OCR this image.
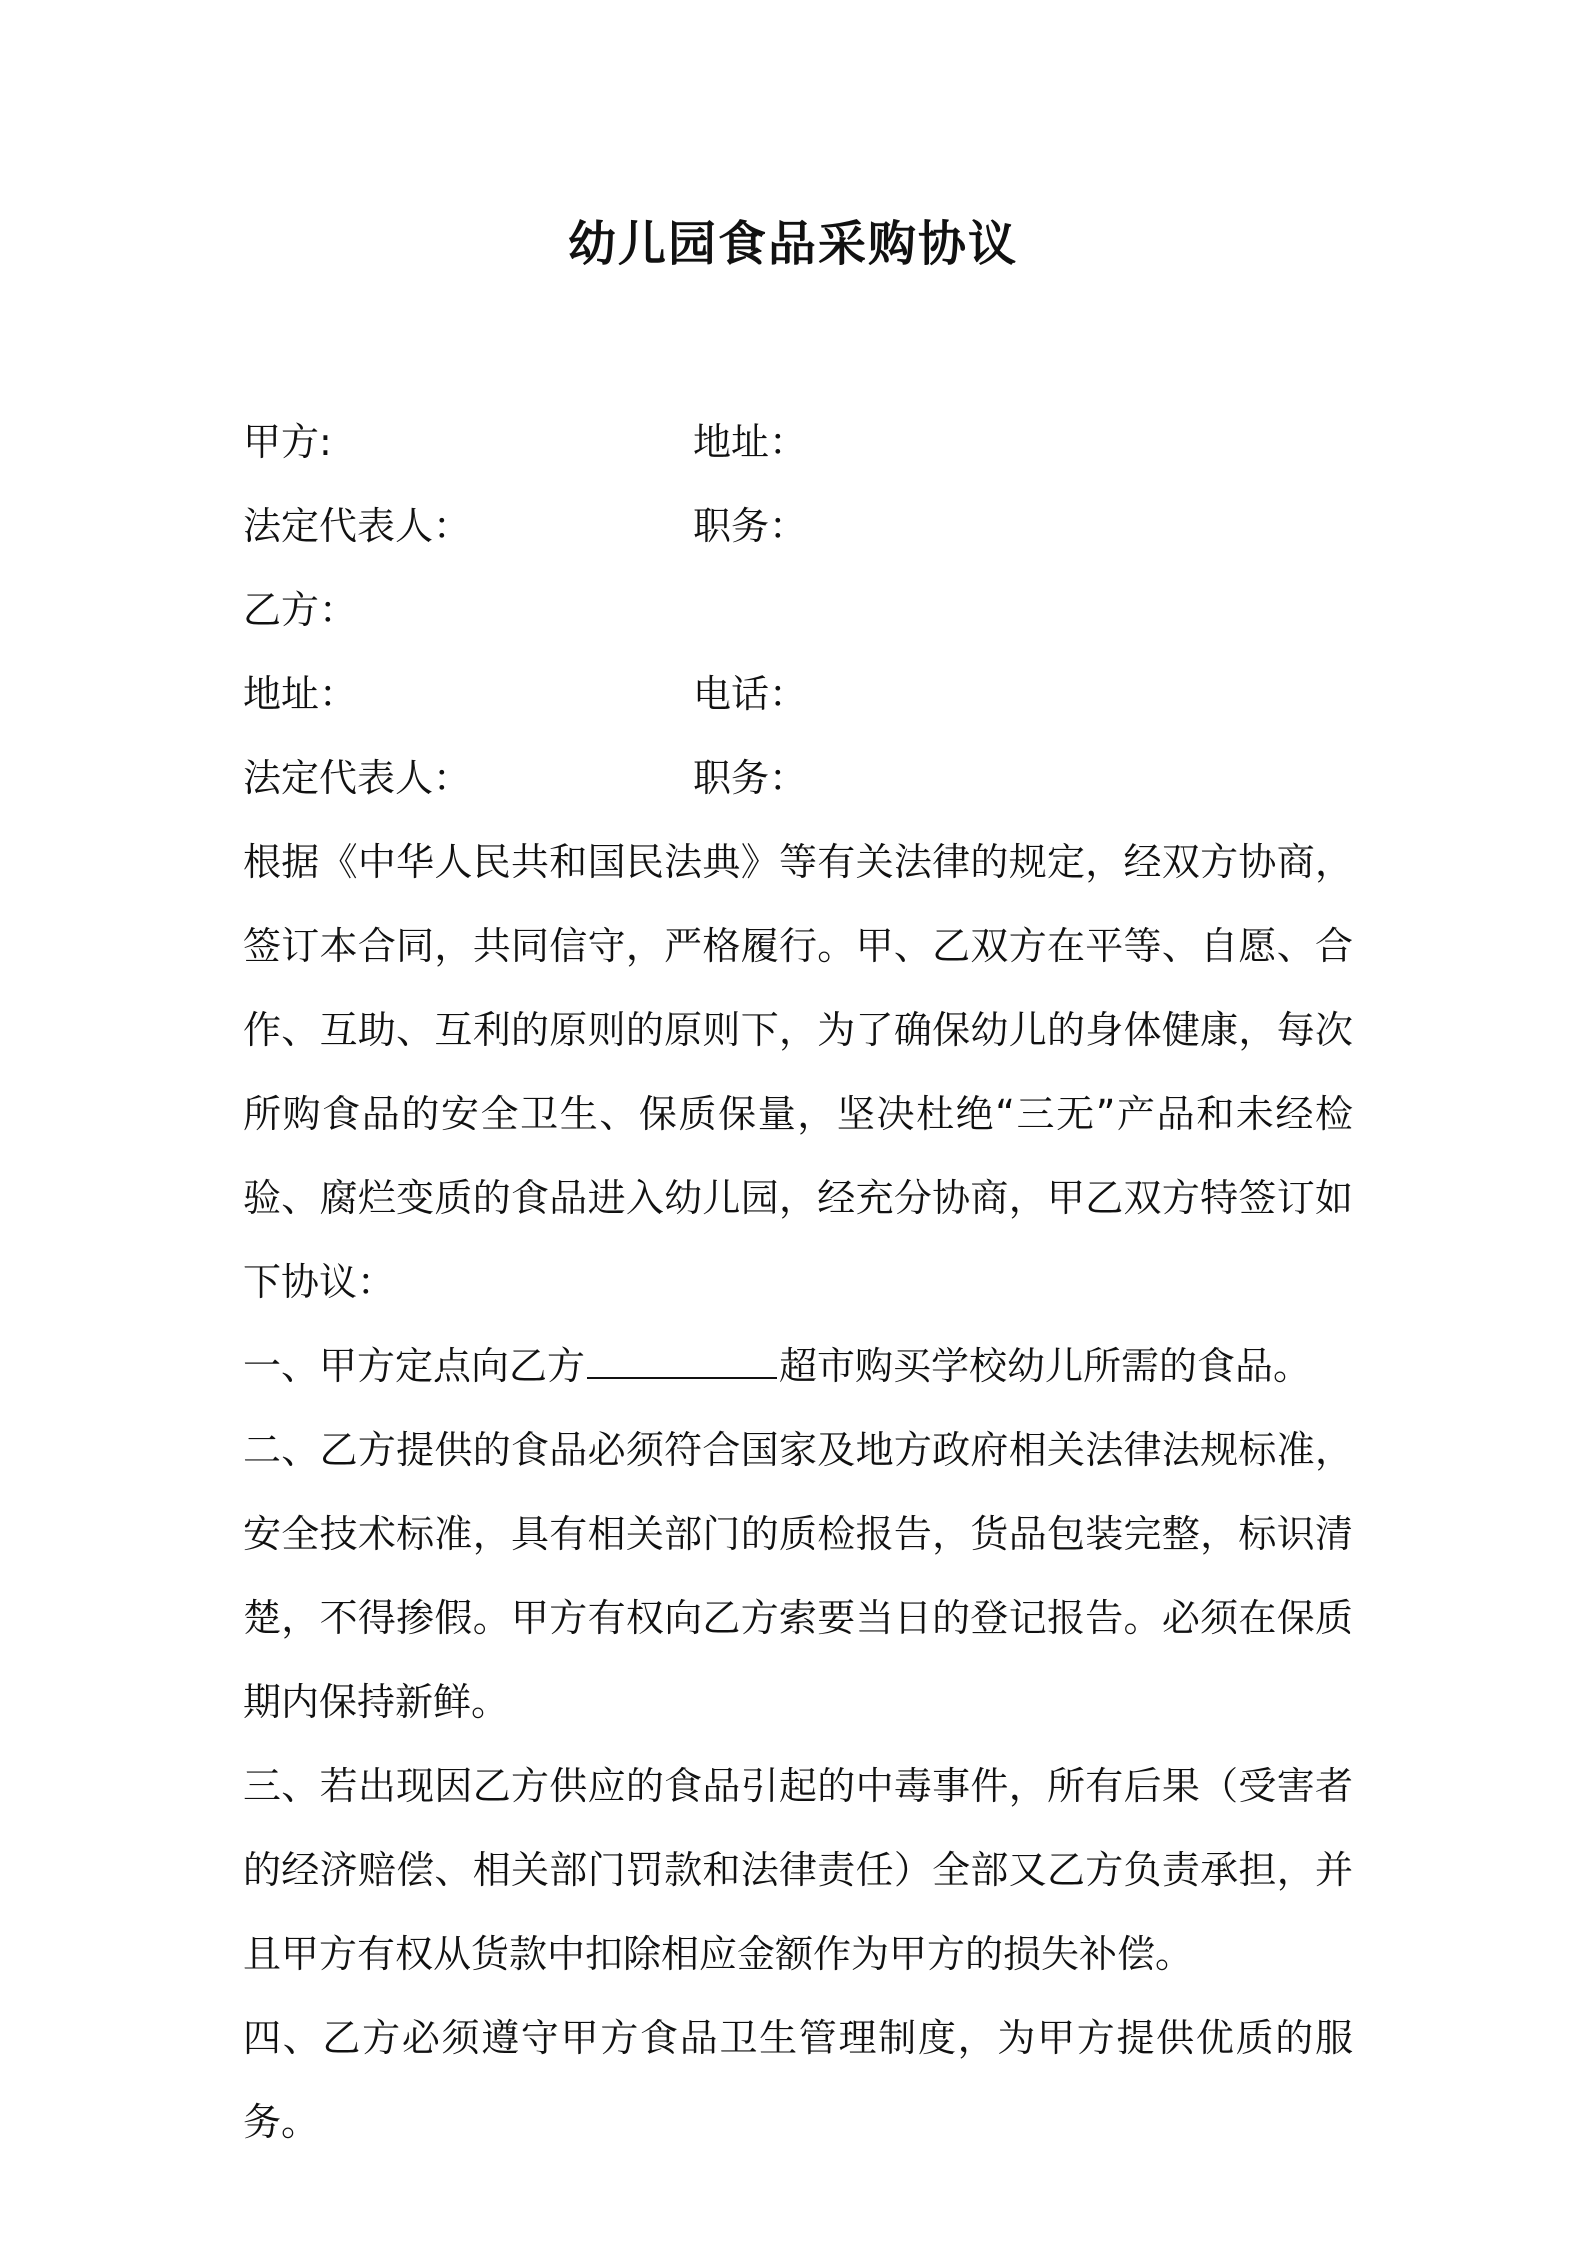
幼儿园食品采购协议
甲方:	地址：
法定代表人：	职务：
乙方：
地址：	电话：
法定代表人：	职务：

根据《中华人民共和国民法典》等有关法律的规定，经双方协商，签订本合同，共同信守，严格履行。甲、乙双方在平等、自愿、合作、互助、互利的原则的原则下，为了确保幼儿的身体健康，每次所购食品的安全卫生、保质保量，坚决杜绝“三无”产品和未经检验、腐烂变质的食品进入幼儿园，经充分协商，甲乙双方特签订如下协议：

一、甲方定点向乙方	超市购买学校幼儿所需的食品。

二、乙方提供的食品必须符合国家及地方政府相关法律法规标准，安全技术标准，具有相关部门的质检报告，货品包装完整，标识清楚，不得掺假。甲方有权向乙方索要当日的登记报告。必须在保质期内保持新鲜。

三、若出现因乙方供应的食品引起的中毒事件，所有后果（受害者的经济赔偿、相关部门罚款和法律责任）全部又乙方负责承担，并且甲方有权从货款中扣除相应金额作为甲方的损失补偿。

四、乙方必须遵守甲方食品卫生管理制度，为甲方提供优质的服务。
